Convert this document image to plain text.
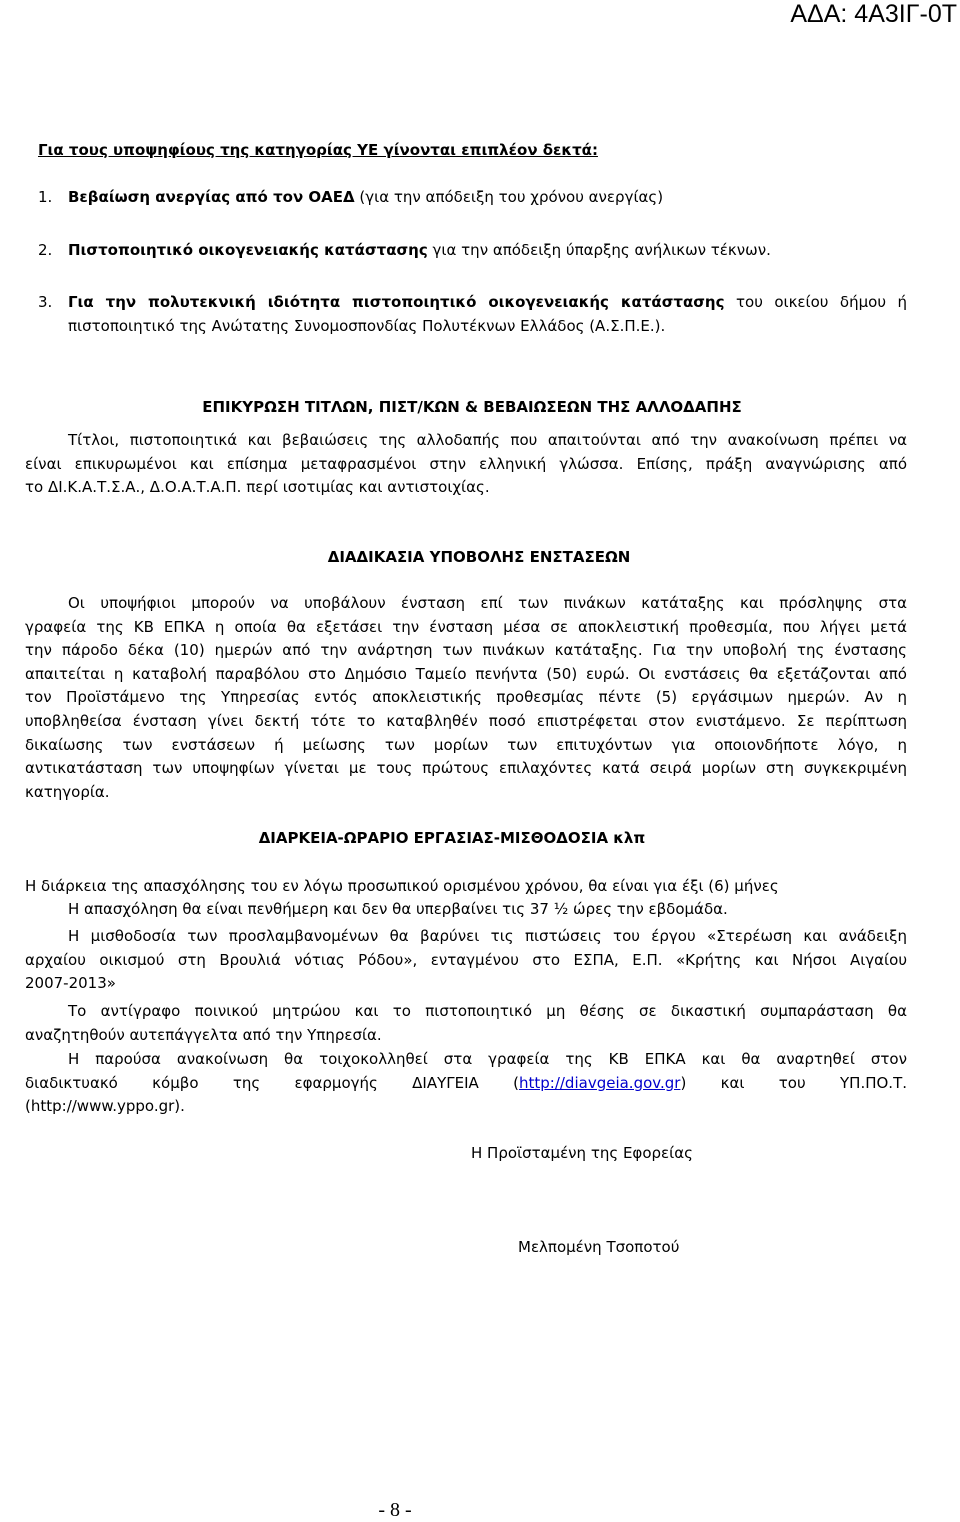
ΑΔΑ: 4Α3ΙΓ-0Τ
Για τους υποψηφίους της κατηγορίας ΥΕ γίνονται επιπλέον δεκτά:
1.	Βεβαίωση ανεργίας από τον ΟΑΕΔ (για την απόδειξη του χρόνου ανεργίας)
2.	Πιστοποιητικό οικογενειακής κατάστασης για την απόδειξη ύπαρξης ανήλικων τέκνων.
3.	Για την πολυτεκνική ιδιότητα πιστοποιητικό οικογενειακής κατάστασης του οικείου δήμου ή
πιστοποιητικό της Ανώτατης Συνομοσπονδίας Πολυτέκνων Ελλάδος (Α.Σ.Π.Ε.).
ΕΠΙΚΥΡΩΣΗ ΤΙΤΛΩΝ, ΠΙΣΤ/ΚΩΝ & ΒΕΒΑΙΩΣΕΩΝ ΤΗΣ ΑΛΛΟΔΑΠΗΣ
Τίτλοι, πιστοποιητικά και βεβαιώσεις της αλλοδαπής που απαιτούνται από την ανακοίνωση πρέπει να
είναι επικυρωμένοι και επίσημα μεταφρασμένοι στην ελληνική γλώσσα. Επίσης, πράξη αναγνώρισης από
το ΔΙ.Κ.Α.Τ.Σ.Α., Δ.Ο.Α.Τ.Α.Π. περί ισοτιμίας και αντιστοιχίας.
ΔΙΑΔΙΚΑΣΙΑ ΥΠΟΒΟΛΗΣ ΕΝΣΤΑΣΕΩΝ
Οι υποψήφιοι μπορούν να υποβάλουν ένσταση επί των πινάκων κατάταξης και πρόσληψης στα
γραφεία της ΚΒ ΕΠΚΑ η οποία θα εξετάσει την ένσταση μέσα σε αποκλειστική προθεσμία, που λήγει μετά
την πάροδο δέκα (10) ημερών από την ανάρτηση των πινάκων κατάταξης. Για την υποβολή της ένστασης
απαιτείται η καταβολή παραβόλου στο Δημόσιο Ταμείο πενήντα (50) ευρώ. Οι ενστάσεις θα εξετάζονται από
τον Προϊστάμενο της Υπηρεσίας εντός αποκλειστικής προθεσμίας πέντε (5) εργάσιμων ημερών. Αν η
υποβληθείσα ένσταση γίνει δεκτή τότε το καταβληθέν ποσό επιστρέφεται στον ενιστάμενο. Σε περίπτωση
δικαίωσης των ενστάσεων ή μείωσης των μορίων των επιτυχόντων για οποιονδήποτε λόγο, η
αντικατάσταση των υποψηφίων γίνεται με τους πρώτους επιλαχόντες κατά σειρά μορίων στη συγκεκριμένη
κατηγορία.
ΔΙΑΡΚΕΙΑ-ΩΡΑΡΙΟ ΕΡΓΑΣΙΑΣ-ΜΙΣΘΟΔΟΣΙΑ κλπ
Η διάρκεια της απασχόλησης του εν λόγω προσωπικού ορισμένου χρόνου, θα είναι για έξι (6) μήνες
Η απασχόληση θα είναι πενθήμερη και δεν θα υπερβαίνει τις 37 ½ ώρες την εβδομάδα.
Η μισθοδοσία των προσλαμβανομένων θα βαρύνει τις πιστώσεις του έργου «Στερέωση και ανάδειξη
αρχαίου οικισμού στη Βρουλιά νότιας Ρόδου», ενταγμένου στο ΕΣΠΑ, Ε.Π. «Κρήτης και Νήσοι Αιγαίου
2007-2013»
Το αντίγραφο ποινικού μητρώου και το πιστοποιητικό μη θέσης σε δικαστική συμπαράσταση θα
αναζητηθούν αυτεπάγγελτα από την Υπηρεσία.
Η παρούσα ανακοίνωση θα τοιχοκολληθεί στα γραφεία της ΚΒ ΕΠΚΑ και θα αναρτηθεί στον
διαδικτυακό κόμβο της εφαρμογής ΔΙΑΥΓΕΙΑ (http://diavgeia.gov.gr) και του ΥΠ.ΠΟ.Τ.
(http://www.yppo.gr).
Η Προϊσταμένη της Εφορείας
Μελπομένη Τσοποτού
- 8 -
